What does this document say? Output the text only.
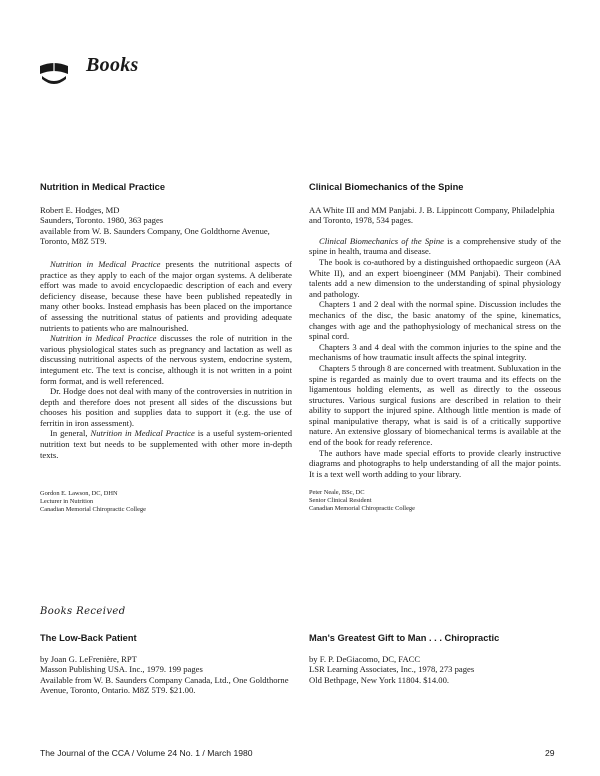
Books
Nutrition in Medical Practice

Robert E. Hodges, MD

Saunders, Toronto. 1980, 363 pages

available from W. B. Saunders Company, One Goldthorne Avenue, Toronto, M8Z 5T9.

Nutrition in Medical Practice presents the nutritional aspects of practice as they apply to each of the major organ systems. A deliberate effort was made to avoid encyclopaedic description of each and every deficiency disease, because these have been published repeatedly in many other books. Instead emphasis has been placed on the importance of assessing the nutritional status of patients and providing adequate nutrients to patients who are malnourished.

Nutrition in Medical Practice discusses the role of nutrition in the various physiological states such as pregnancy and lactation as well as discussing nutritional aspects of the nervous system, endocrine system, integument etc. The text is concise, although it is not written in a point form format, and is well referenced.

Dr. Hodge does not deal with many of the controversies in nutrition in depth and therefore does not present all sides of the discussions but chooses his position and supplies data to support it (e.g. the use of ferritin in iron assessment).

In general, Nutrition in Medical Practice is a useful system-oriented nutrition text but needs to be supplemented with other more in-depth texts.

Gordon E. Lawson, DC, DHN

Lecturer in Nutrition

Canadian Memorial Chiropractic College

Clinical Biomechanics of the Spine

AA White III and MM Panjabi. J. B. Lippincott Company, Philadelphia and Toronto, 1978, 534 pages.

Clinical Biomechanics of the Spine is a comprehensive study of the spine in health, trauma and disease.

The book is co-authored by a distinguished orthopaedic surgeon (AA White II), and an expert bioengineer (MM Panjabi). Their combined talents add a new dimension to the understanding of spinal physiology and pathology.

Chapters 1 and 2 deal with the normal spine. Discussion includes the mechanics of the disc, the basic anatomy of the spine, kinematics, changes with age and the pathophysiology of mechanical stress on the spinal cord.

Chapters 3 and 4 deal with the common injuries to the spine and the mechanisms of how traumatic insult affects the spinal integrity.

Chapters 5 through 8 are concerned with treatment. Subluxation in the spine is regarded as mainly due to overt trauma and its effects on the ligamentous holding elements, as well as directly to the osseous structures. Various surgical fusions are described in relation to their ability to support the injured spine. Although little mention is made of spinal manipulative therapy, what is said is of a critically supportive nature. An extensive glossary of biomechanical terms is available at the end of the book for ready reference.

The authors have made special efforts to provide clearly instructive diagrams and photographs to help understanding of all the major points. It is a text well worth adding to your library.

Peter Neale, BSc, DC

Senior Clinical Resident

Canadian Memorial Chiropractic College

Books Received
The Low-Back Patient

by Joan G. LeFrenière, RPT

Masson Publishing USA. Inc., 1979. 199 pages

Available from W. B. Saunders Company Canada, Ltd., One Goldthorne Avenue, Toronto, Ontario. M8Z 5T9. $21.00.

Man's Greatest Gift to Man . . . Chiropractic

by F. P. DeGiacomo, DC, FACC

LSR Learning Associates, Inc., 1978, 273 pages

Old Bethpage, New York 11804. $14.00.

The Journal of the CCA / Volume 24 No. 1 / March 1980	29
